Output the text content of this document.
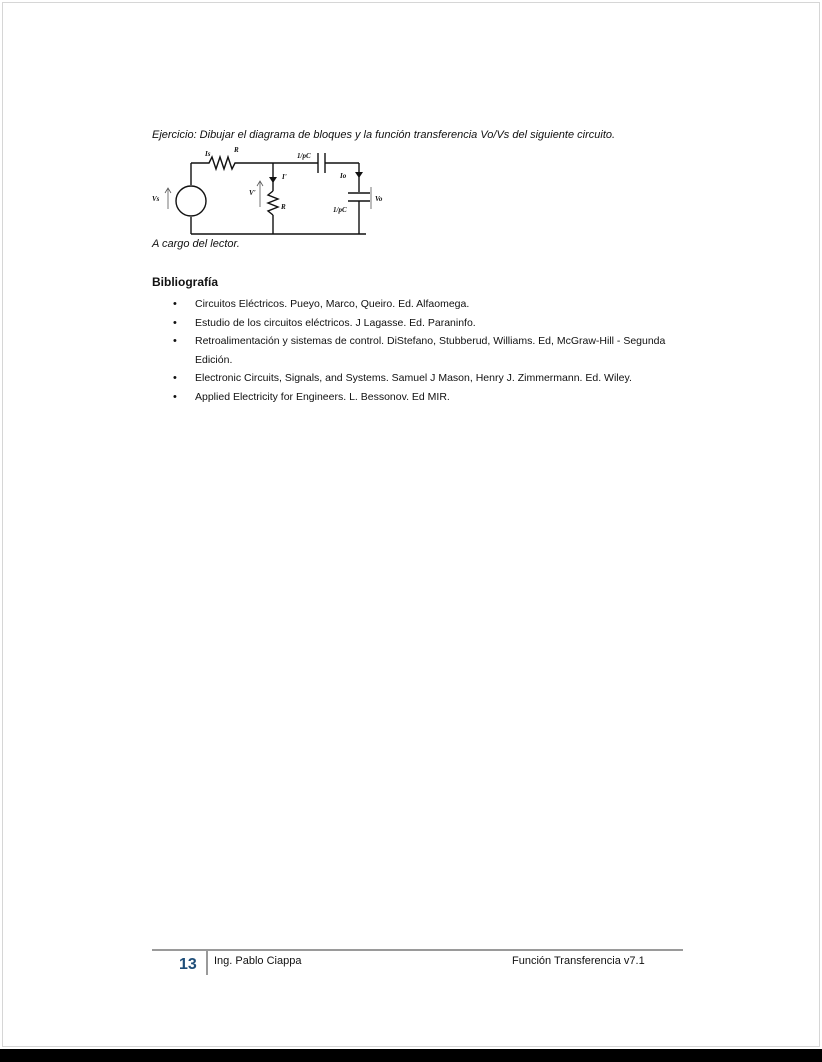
Ejercicio: Dibujar el diagrama de bloques y la función transferencia Vo/Vs del siguiente circuito.
Is	R
1/pC
I'	Io
Vs
V'
R	1/pC
Vo
A cargo del lector.
Bibliografía
• Circuitos Eléctricos. Pueyo, Marco, Queiro. Ed. Alfaomega.
• Estudio de los circuitos eléctricos. J Lagasse. Ed. Paraninfo.
• Retroalimentación y sistemas de control. DiStefano, Stubberud, Williams. Ed, McGraw-Hill - Segunda Edición.
• Electronic Circuits, Signals, and Systems. Samuel J Mason, Henry J. Zimmermann. Ed. Wiley.
• Applied Electricity for Engineers. L. Bessonov. Ed MIR.
13 Ing. Pablo Ciappa	Función Transferencia v7.1
